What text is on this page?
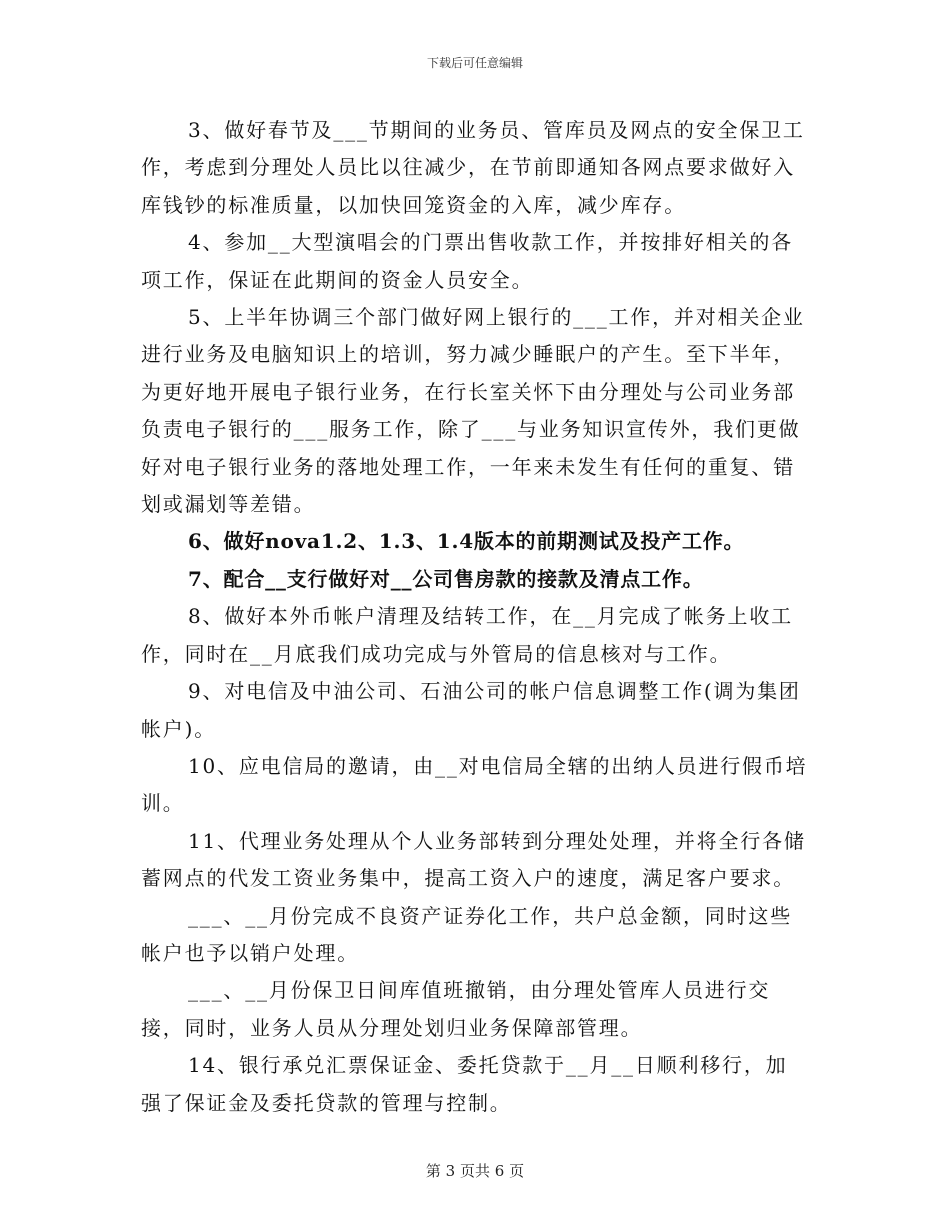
下载后可任意编辑

3、做好春节及___节期间的业务员、管库员及网点的安全保卫工作，考虑到分理处人员比以往减少，在节前即通知各网点要求做好入库钱钞的标准质量，以加快回笼资金的入库，减少库存。

4、参加__大型演唱会的门票出售收款工作，并按排好相关的各项工作，保证在此期间的资金人员安全。

5、上半年协调三个部门做好网上银行的___工作，并对相关企业进行业务及电脑知识上的培训，努力减少睡眠户的产生。至下半年，为更好地开展电子银行业务，在行长室关怀下由分理处与公司业务部负责电子银行的___服务工作，除了___与业务知识宣传外，我们更做好对电子银行业务的落地处理工作，一年来未发生有任何的重复、错划或漏划等差错。

6、做好nova1.2、1.3、1.4版本的前期测试及投产工作。

7、配合__支行做好对__公司售房款的接款及清点工作。

8、做好本外币帐户清理及结转工作，在__月完成了帐务上收工作，同时在__月底我们成功完成与外管局的信息核对与工作。

9、对电信及中油公司、石油公司的帐户信息调整工作(调为集团帐户)。

10、应电信局的邀请，由__对电信局全辖的出纳人员进行假币培训。

11、代理业务处理从个人业务部转到分理处处理，并将全行各储蓄网点的代发工资业务集中，提高工资入户的速度，满足客户要求。

___、__月份完成不良资产证券化工作，共户总金额，同时这些帐户也予以销户处理。

___、__月份保卫日间库值班撤销，由分理处管库人员进行交接，同时，业务人员从分理处划归业务保障部管理。

14、银行承兑汇票保证金、委托贷款于__月__日顺利移行，加强了保证金及委托贷款的管理与控制。

第 3 页共 6 页
